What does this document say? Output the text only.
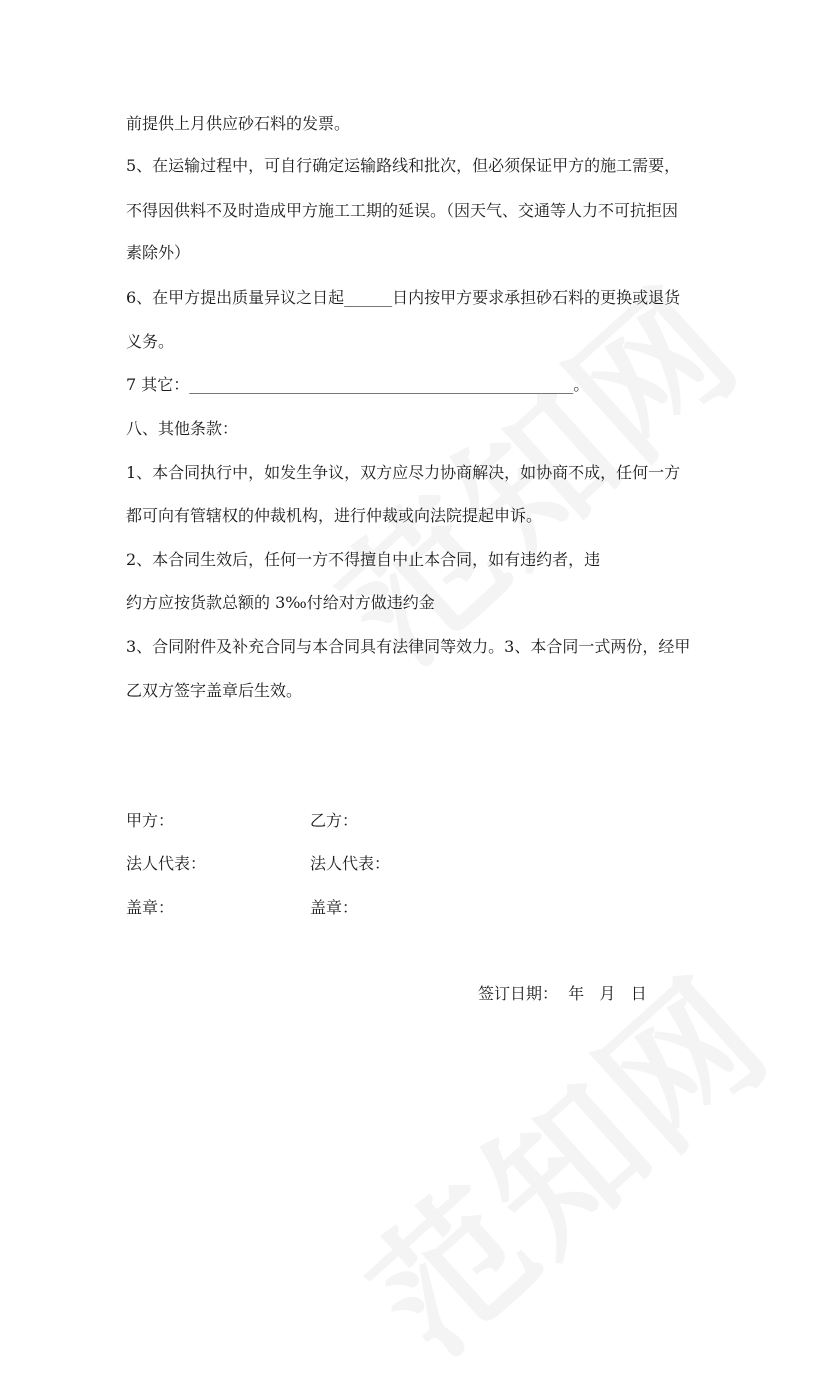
前提供上月供应砂石料的发票。
5、在运输过程中，可自行确定运输路线和批次，但必须保证甲方的施工需要，
不得因供料不及时造成甲方施工工期的延误。（因天气、交通等人力不可抗拒因
素除外）
6、在甲方提出质量异议之日起______日内按甲方要求承担砂石料的更换或退货
义务。
7 其它：________________________________________________。
八、其他条款：
1、本合同执行中，如发生争议，双方应尽力协商解决，如协商不成，任何一方
都可向有管辖权的仲裁机构，进行仲裁或向法院提起申诉。
2、本合同生效后，任何一方不得擅自中止本合同，如有违约者，违
约方应按货款总额的 3‰付给对方做违约金
3、合同附件及补充合同与本合同具有法律同等效力。3、本合同一式两份，经甲
乙双方签字盖章后生效。
甲方：	乙方：
法人代表：	法人代表：
盖章：	盖章：
签订日期：  年   月   日
